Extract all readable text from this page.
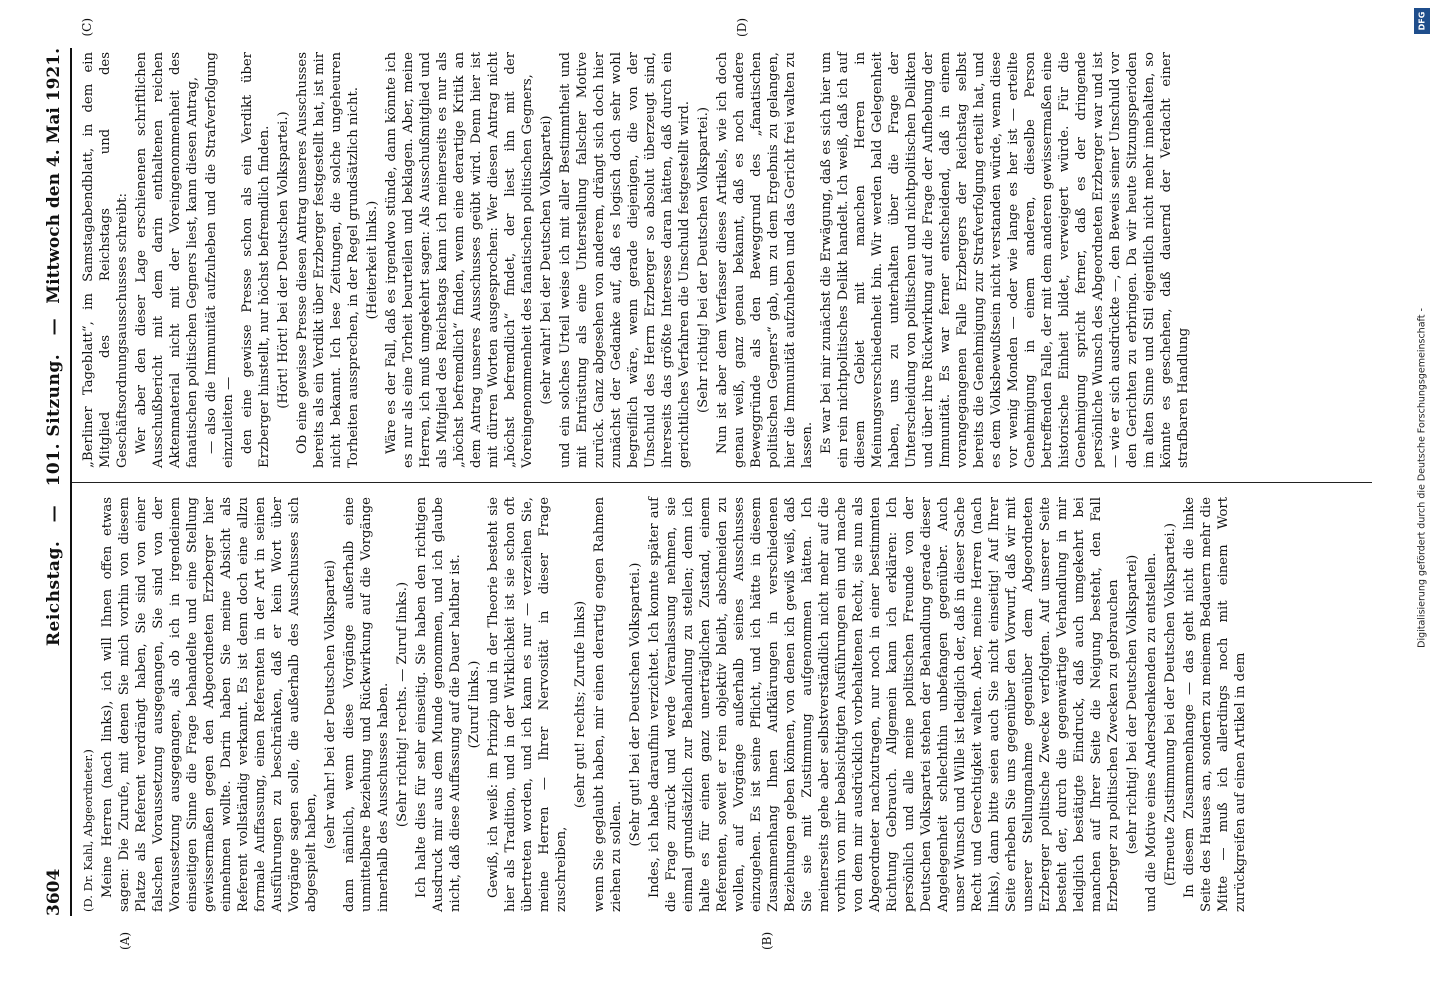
3604
Reichstag. — 101. Sitzung. —
Mittwoch den 4. Mai 1921.
(A)	(B)
(C)	(D)

(D. Dr. Kahl, Abgeordneter.) Meine Herren (nach links), ich will Ihnen offen etwas sagen: Die Zurufe, mit denen Sie mich vorhin von diesem Platze als Referent verdrängt haben, Sie sind von einer falschen Voraussetzung ausgegangen, Sie sind von der Voraussetzung ausgegangen, als ob ich in irgendeinem einseitigen Sinne die Frage behandelte und eine Stellung gewissermaßen gegen den Abgeordneten Erzberger hier einnehmen wollte. Darin haben Sie meine Absicht als Referent vollständig verkannt. Es ist denn doch eine allzu formale Auffassung, einen Referenten in der Art in seinen Ausführungen zu beschränken, daß er kein Wort über Vorgänge sagen solle, die außerhalb des Ausschusses sich abgespielt haben,

(sehr wahr! bei der Deutschen Volkspartei) dann nämlich, wenn diese Vorgänge außerhalb eine unmittelbare Beziehung und Rückwirkung auf die Vorgänge innerhalb des Ausschusses haben. (Sehr richtig! rechts. — Zuruf links.) Ich halte dies für sehr einseitig. Sie haben den richtigen Ausdruck mir aus dem Munde genommen, und ich glaube nicht, daß diese Auffassung auf die Dauer haltbar ist. (Zuruf links.) Gewiß, ich weiß: im Prinzip und in der Theorie besteht sie hier als Tradition, und in der Wirklichkeit ist sie schon oft übertreten worden, und ich kann es nur — verzeihen Sie, meine Herren — Ihrer Nervosität in dieser Frage zuschreiben,

(sehr gut! rechts; Zurufe links) wenn Sie geglaubt haben, mir einen derartig engen Rahmen ziehen zu sollen.

(Sehr gut! bei der Deutschen Volkspartei.) Indes, ich habe daraufhin verzichtet. Ich konnte später auf die Frage zurück und werde Veranlassung nehmen, sie einmal grundsätzlich zur Behandlung zu stellen; denn ich halte es für einen ganz unerträglichen Zustand, einem Referenten, soweit er rein objektiv bleibt, abschneiden zu wollen, auf Vorgänge außerhalb seines Ausschusses einzugehen. Es ist seine Pflicht, und ich hätte in diesem Zusammenhang Ihnen Aufklärungen in verschiedenen Beziehungen geben können, von denen ich gewiß weiß, daß Sie sie mit Zustimmung aufgenommen hätten. Ich meinerseits gehe aber selbstverständlich nicht mehr auf die vorhin von mir beabsichtigten Ausführungen ein und mache von dem mir ausdrücklich vorbehaltenen Recht, sie nun als Abgeordneter nachzutragen, nur noch in einer bestimmten Richtung Gebrauch. Allgemein kann ich erklären: Ich persönlich und alle meine politischen Freunde von der Deutschen Volkspartei stehen der Behandlung gerade dieser Angelegenheit schlechthin unbefangen gegenüber. Auch unser Wunsch und Wille ist lediglich der, daß in dieser Sache Recht und Gerechtigkeit walten. Aber, meine Herren (nach links), dann bitte seien auch Sie nicht einseitig! Auf Ihrer Seite erheben Sie uns gegenüber den Vorwurf, daß wir mit unserer Stellungnahme gegenüber dem Abgeordneten Erzberger politische Zwecke verfolgten. Auf unserer Seite besteht der, durch die gegenwärtige Verhandlung in mir lediglich bestätigte Eindruck, daß auch umgekehrt bei manchen auf Ihrer Seite die Neigung besteht, den Fall Erzberger zu politischen Zwecken zu gebrauchen (sehr richtig! bei der Deutschen Volkspartei) und die Motive eines Andersdenkenden zu entstellen. (Erneute Zustimmung bei der Deutschen Volkspartei.) In diesem Zusammenhange — das geht nicht die linke Seite des Hauses an, sondern zu meinem Bedauern mehr die Mitte — muß ich allerdings noch mit einem Wort zurückgreifen auf einen Artikel in dem

„Berliner Tageblatt“, im Samstagabendblatt, in dem ein Mitglied des Reichstags und des Geschäftsordnungsausschusses schreibt: Wer aber den dieser Lage erschienenen schriftlichen Ausschußbericht mit dem darin enthaltenen reichen Aktenmaterial nicht mit der Voreingenommenheit des fanatischen politischen Gegners liest, kann diesen Antrag, — also die Immunität aufzuheben und die Strafverfolgung einzuleiten — den eine gewisse Presse schon als ein Verdikt über Erzberger hinstellt, nur höchst befremdlich finden. (Hört! Hört! bei der Deutschen Volkspartei.) Ob eine gewisse Presse diesen Antrag unseres Ausschusses bereits als ein Verdikt über Erzberger festgestellt hat, ist mir nicht bekannt. Ich lese Zeitungen, die solche ungeheuren Torheiten aussprechen, in der Regel grundsätzlich nicht. (Heiterkeit links.) Wäre es der Fall, daß es irgendwo stünde, dann könnte ich es nur als eine Torheit beurteilen und beklagen. Aber, meine Herren, ich muß umgekehrt sagen: Als Ausschußmitglied und als Mitglied des Reichstags kann ich meinerseits es nur als „höchst befremdlich“ finden, wenn eine derartige Kritik an dem Antrag unseres Ausschusses geübt wird. Denn hier ist mit dürren Worten ausgesprochen: Wer diesen Antrag nicht „höchst befremdlich“ findet, der liest ihn mit der Voreingenommenheit des fanatischen politischen Gegners, (sehr wahr! bei der Deutschen Volkspartei) und ein solches Urteil weise ich mit aller Bestimmtheit und mit Entrüstung als eine Unterstellung falscher Motive zurück. Ganz abgesehen von anderem, drängt sich doch hier zunächst der Gedanke auf, daß es logisch doch sehr wohl begreiflich wäre, wenn gerade diejenigen, die von der Unschuld des Herrn Erzberger so absolut überzeugt sind, ihrerseits das größte Interesse daran hätten, daß durch ein gerichtliches Verfahren die Unschuld festgestellt wird. (Sehr richtig! bei der Deutschen Volkspartei.) Nun ist aber dem Verfasser dieses Artikels, wie ich doch genau weiß, ganz genau bekannt, daß es noch andere Beweggründe als den Beweggrund des „fanatischen politischen Gegners“ gab, um zu dem Ergebnis zu gelangen, hier die Immunität aufzuheben und das Gericht frei walten zu lassen. Es war bei mir zunächst die Erwägung, daß es sich hier um ein rein nichtpolitisches Delikt handelt. Ich weiß, daß ich auf diesem Gebiet mit manchen Herren in Meinungsverschiedenheit bin. Wir werden bald Gelegenheit haben, uns zu unterhalten über die Frage der Unterscheidung von politischen und nichtpolitischen Delikten und über ihre Rückwirkung auf die Frage der Aufhebung der Immunität. Es war ferner entscheidend, daß in einem vorangegangenen Falle Erzbergers der Reichstag selbst bereits die Genehmigung zur Strafverfolgung erteilt hat, und es dem Volksbewußtsein nicht verstanden würde, wenn diese vor wenig Monden — oder wie lange es her ist — erteilte Genehmigung in einem anderen, dieselbe Person betreffenden Falle, der mit dem anderen gewissermaßen eine historische Einheit bildet, verweigert würde. Für die Genehmigung spricht ferner, daß es der dringende persönliche Wunsch des Abgeordneten Erzberger war und ist — wie er sich ausdrückte —, den Beweis seiner Unschuld vor den Gerichten zu erbringen. Da wir heute Sitzungsperioden im alten Sinne und Stil eigentlich nicht mehr innehalten, so könnte es geschehen, daß dauernd der Verdacht einer strafbaren Handlung

DFG
Digitalisierung gefördert durch die Deutsche Forschungsgemeinschaft -
